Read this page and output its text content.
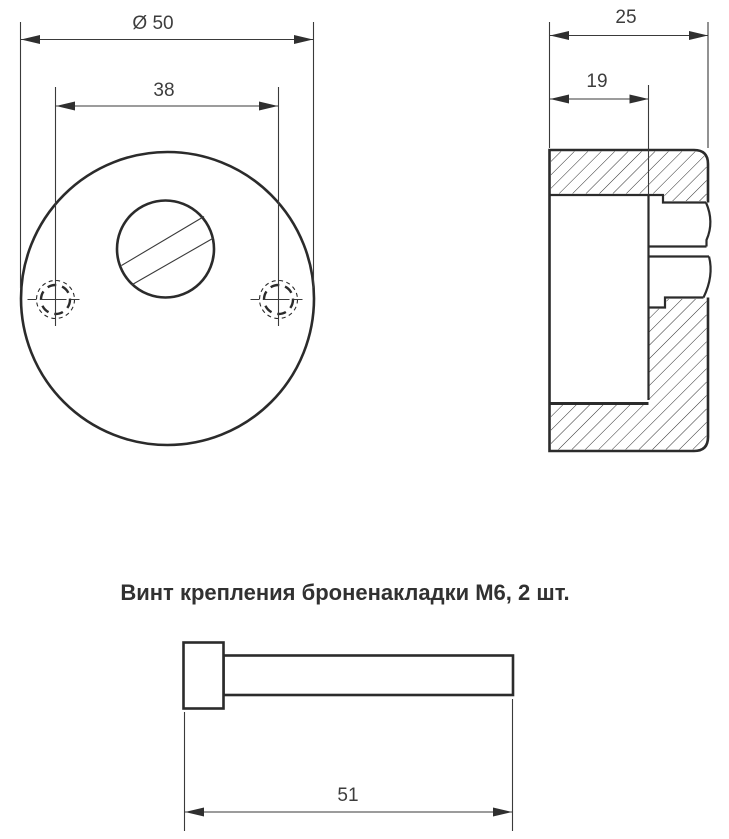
Ø 50
38
25
19
51
Винт крепления броненакладки М6, 2 шт.
